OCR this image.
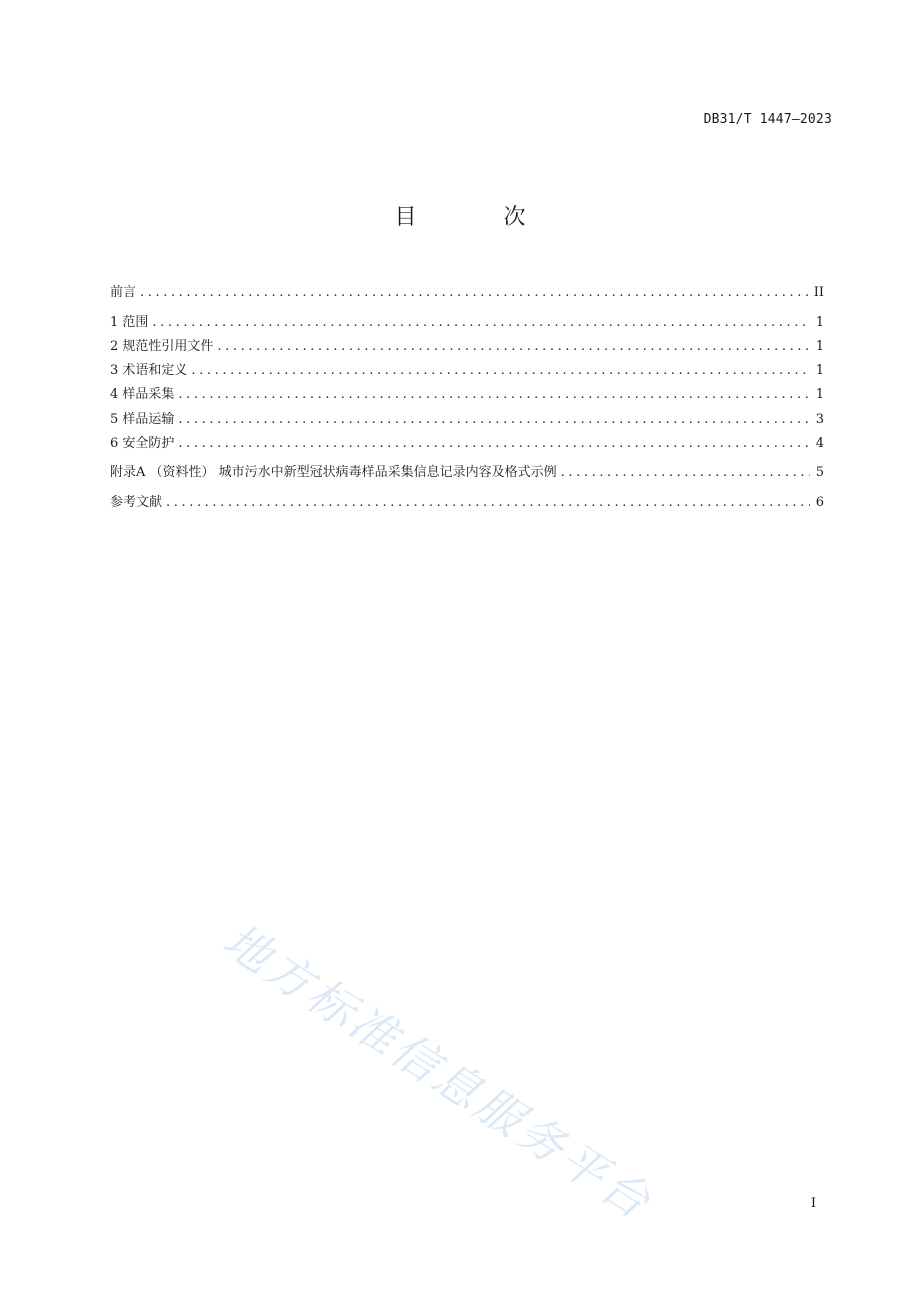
DB31/T 1447—2023
目 次
前言 .....	II
1 范围 .....	1
2 规范性引用文件 .....	1
3 术语和定义 .....	1
4 样品采集 .....	1
5 样品运输 .....	3
6 安全防护 .....	4
附录A （资料性） 城市污水中新型冠状病毒样品采集信息记录内容及格式示例 .....	5
参考文献 .....	6
地方标准信息服务平台	I
